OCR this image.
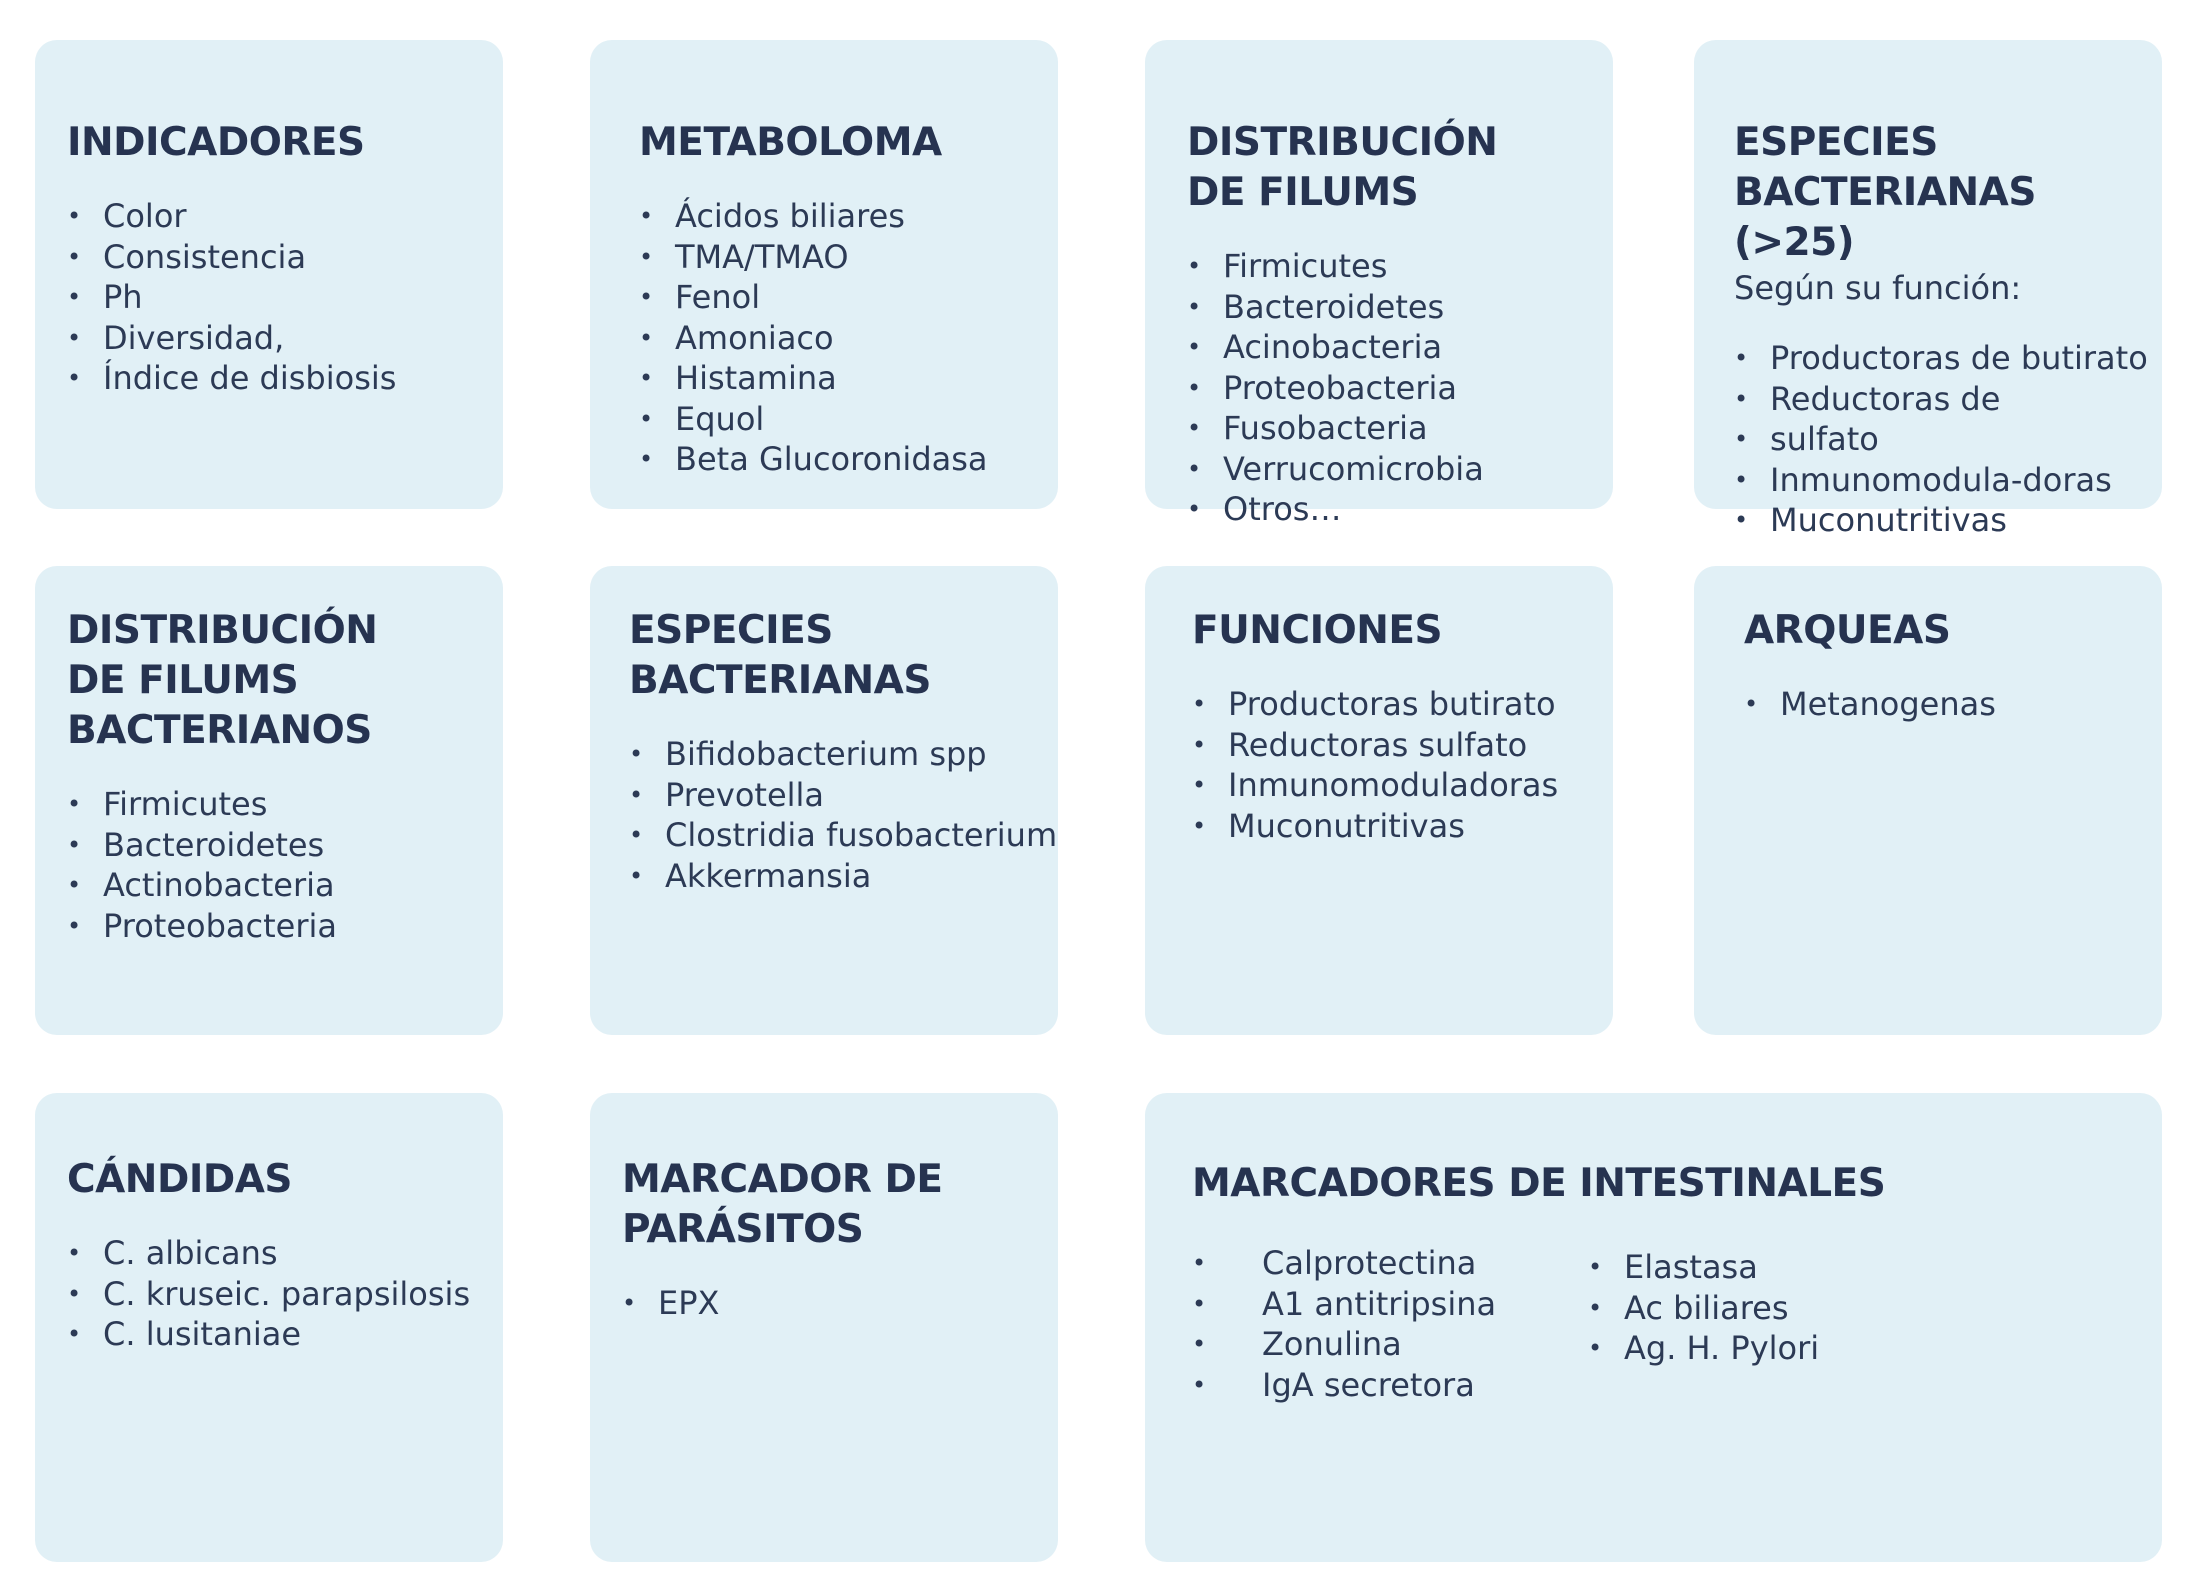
INDICADORES
• Color
• Consistencia
• Ph
• Diversidad,
• Índice de disbiosis
METABOLOMA
• Ácidos biliares
• TMA/TMAO
• Fenol
• Amoniaco
• Histamina
• Equol
• Beta Glucoronidasa
DISTRIBUCIÓN
DE FILUMS
• Firmicutes
• Bacteroidetes
• Acinobacteria
• Proteobacteria
• Fusobacteria
• Verrucomicrobia
• Otros…
ESPECIES
BACTERIANAS (>25)

Según su función:

• Productoras de butirato
• Reductoras de
• sulfato
• Inmunomodula-doras
• Muconutritivas
DISTRIBUCIÓN
DE FILUMS
BACTERIANOS
• Firmicutes
• Bacteroidetes
• Actinobacteria
• Proteobacteria
ESPECIES
BACTERIANAS
• Bifidobacterium spp
• Prevotella
• Clostridia fusobacterium
• Akkermansia
FUNCIONES
• Productoras butirato
• Reductoras sulfato
• Inmunomoduladoras
• Muconutritivas
ARQUEAS
• Metanogenas
CÁNDIDAS
• C. albicans
• C. kruseic. parapsilosis
• C. lusitaniae
MARCADOR DE
PARÁSITOS
• EPX
MARCADORES DE INTESTINALES
• Calprotectina
• A1 antitripsina
• Zonulina
• IgA secretora
• Elastasa
• Ac biliares
• Ag. H. Pylori
